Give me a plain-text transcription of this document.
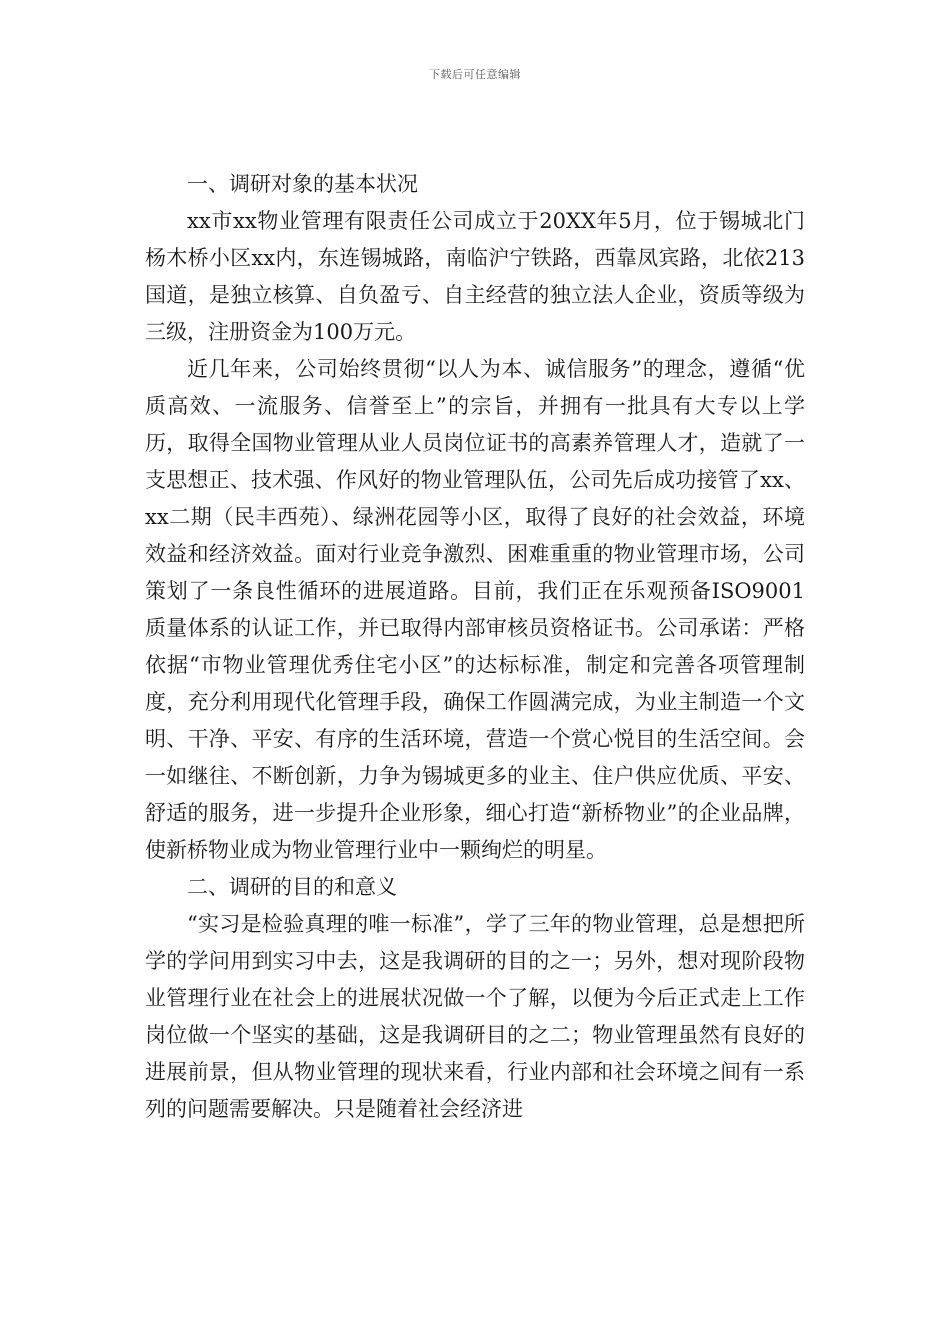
下载后可任意编辑

一、调研对象的基本状况

xx市xx物业管理有限责任公司成立于20XX年5月，位于锡城北门杨木桥小区xx内，东连锡城路，南临沪宁铁路，西靠凤宾路，北依213国道，是独立核算、自负盈亏、自主经营的独立法人企业，资质等级为三级，注册资金为100万元。

近几年来，公司始终贯彻“以人为本、诚信服务”的理念，遵循“优质高效、一流服务、信誉至上”的宗旨，并拥有一批具有大专以上学历，取得全国物业管理从业人员岗位证书的高素养管理人才，造就了一支思想正、技术强、作风好的物业管理队伍，公司先后成功接管了xx、xx二期（民丰西苑）、绿洲花园等小区，取得了良好的社会效益，环境效益和经济效益。面对行业竞争激烈、困难重重的物业管理市场，公司策划了一条良性循环的进展道路。目前，我们正在乐观预备ISO9001质量体系的认证工作，并已取得内部审核员资格证书。公司承诺：严格依据“市物业管理优秀住宅小区”的达标标准，制定和完善各项管理制度，充分利用现代化管理手段，确保工作圆满完成，为业主制造一个文明、干净、平安、有序的生活环境，营造一个赏心悦目的生活空间。会一如继往、不断创新，力争为锡城更多的业主、住户供应优质、平安、舒适的服务，进一步提升企业形象，细心打造“新桥物业”的企业品牌，使新桥物业成为物业管理行业中一颗绚烂的明星。

二、调研的目的和意义

“实习是检验真理的唯一标准”，学了三年的物业管理，总是想把所学的学问用到实习中去，这是我调研的目的之一；另外，想对现阶段物业管理行业在社会上的进展状况做一个了解，以便为今后正式走上工作岗位做一个坚实的基础，这是我调研目的之二；物业管理虽然有良好的进展前景，但从物业管理的现状来看，行业内部和社会环境之间有一系列的问题需要解决。只是随着社会经济进
